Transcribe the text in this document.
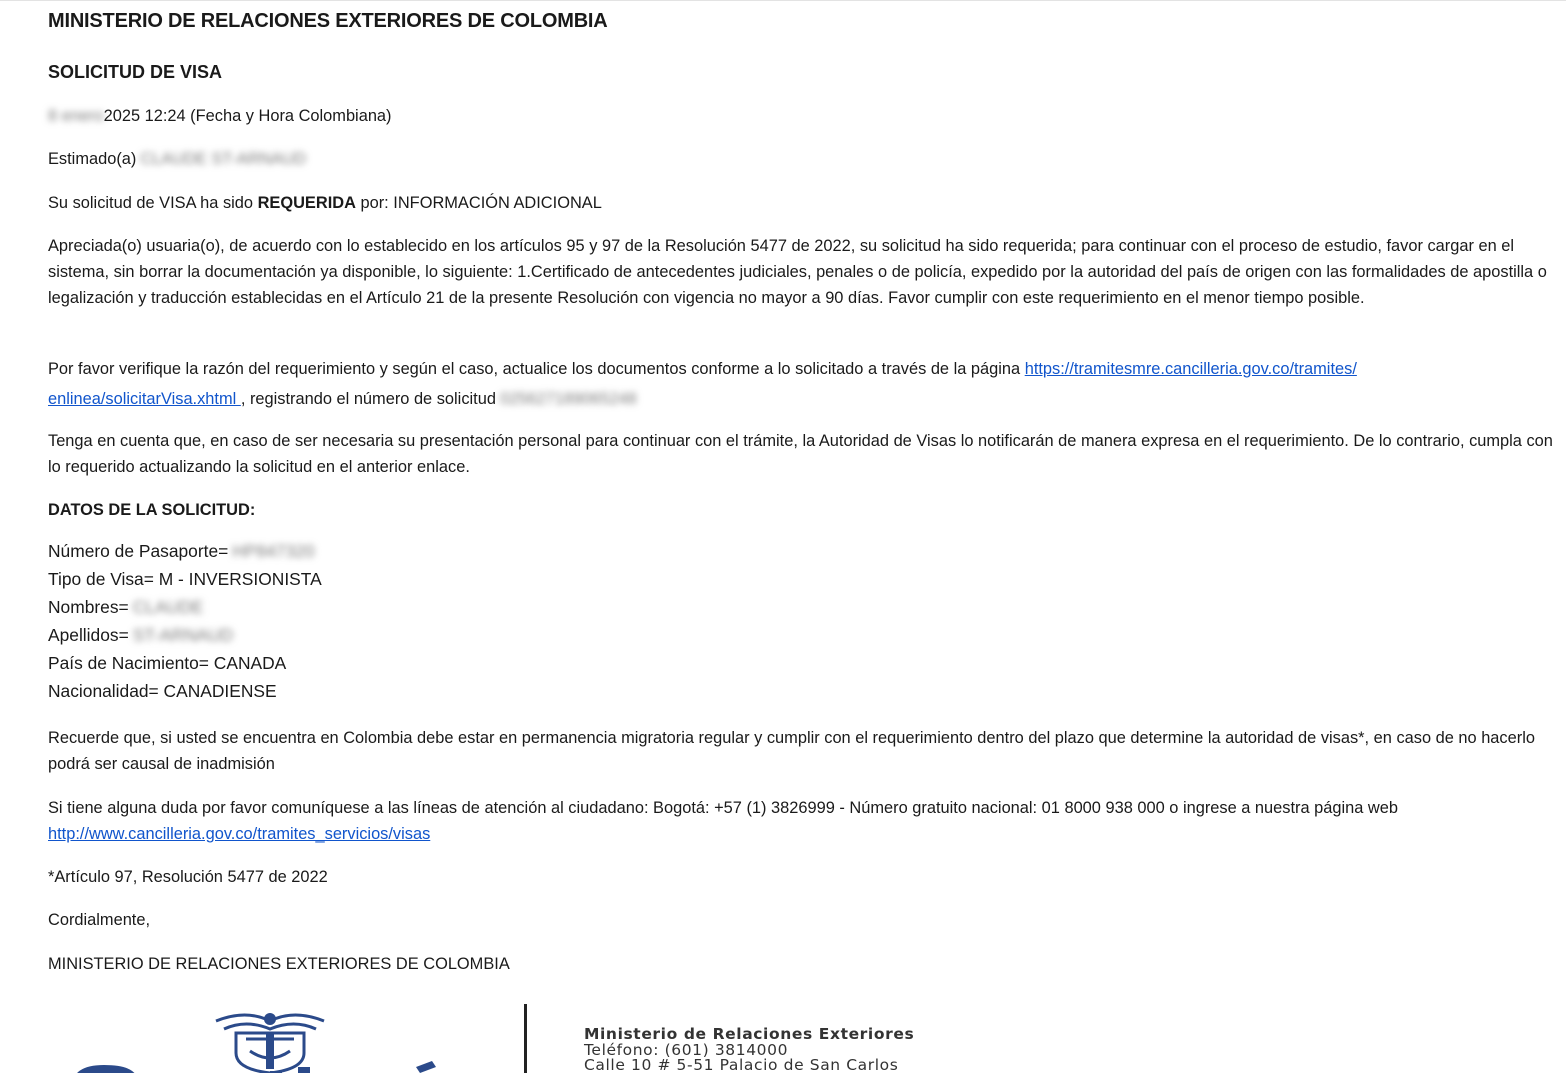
MINISTERIO DE RELACIONES EXTERIORES DE COLOMBIA
SOLICITUD DE VISA
8 enero2025 12:24 (Fecha y Hora Colombiana)
Estimado(a) CLAUDE ST-ARNAUD
Su solicitud de VISA ha sido REQUERIDA por: INFORMACIÓN ADICIONAL
Apreciada(o) usuaria(o), de acuerdo con lo establecido en los artículos 95 y 97 de la Resolución 5477 de 2022, su solicitud ha sido requerida; para continuar con el proceso de estudio, favor cargar en el sistema, sin borrar la documentación ya disponible, lo siguiente: 1.Certificado de antecedentes judiciales, penales o de policía, expedido por la autoridad del país de origen con las formalidades de apostilla o legalización y traducción establecidas en el Artículo 21 de la presente Resolución con vigencia no mayor a 90 días. Favor cumplir con este requerimiento en el menor tiempo posible.
Por favor verifique la razón del requerimiento y según el caso, actualice los documentos conforme a lo solicitado a través de la página https://tramitesmre.cancilleria.gov.co/tramites/
enlinea/solicitarVisa.xhtml , registrando el número de solicitud 025627189065248
Tenga en cuenta que, en caso de ser necesaria su presentación personal para continuar con el trámite, la Autoridad de Visas lo notificarán de manera expresa en el requerimiento. De lo contrario, cumpla con lo requerido actualizando la solicitud en el anterior enlace.
DATOS DE LA SOLICITUD:
Número de Pasaporte= HP847320
Tipo de Visa= M - INVERSIONISTA
Nombres= CLAUDE
Apellidos= ST-ARNAUD
País de Nacimiento= CANADA
Nacionalidad= CANADIENSE
Recuerde que, si usted se encuentra en Colombia debe estar en permanencia migratoria regular y cumplir con el requerimiento dentro del plazo que determine la autoridad de visas*, en caso de no hacerlo podrá ser causal de inadmisión
Si tiene alguna duda por favor comuníquese a las líneas de atención al ciudadano: Bogotá: +57 (1) 3826999 - Número gratuito nacional: 01 8000 938 000 o ingrese a nuestra página web
http://www.cancilleria.gov.co/tramites_servicios/visas
*Artículo 97, Resolución 5477 de 2022
Cordialmente,
MINISTERIO DE RELACIONES EXTERIORES DE COLOMBIA
Ministerio de Relaciones Exteriores
Teléfono: (601) 3814000
Calle 10 # 5-51 Palacio de San Carlos
